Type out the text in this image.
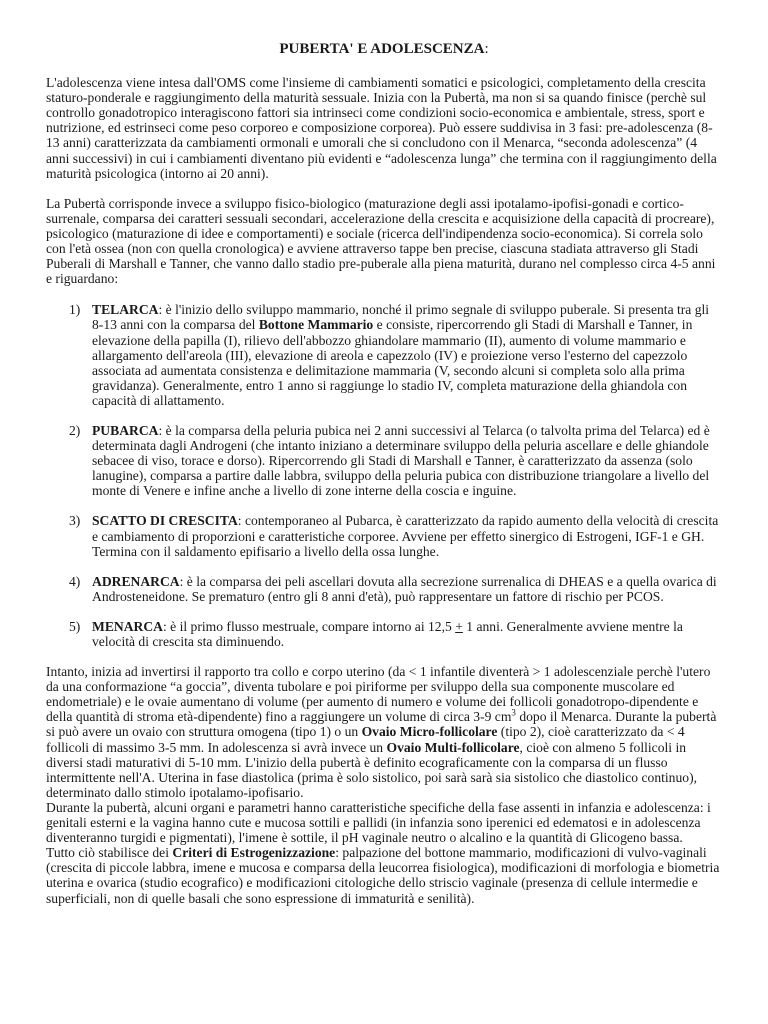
PUBERTA' E ADOLESCENZA:

L'adolescenza viene intesa dall'OMS come l'insieme di cambiamenti somatici e psicologici, completamento della crescita staturo-ponderale e raggiungimento della maturità sessuale. Inizia con la Pubertà, ma non si sa quando finisce (perchè sul controllo gonadotropico interagiscono fattori sia intrinseci come condizioni socio-economica e ambientale, stress, sport e nutrizione, ed estrinseci come peso corporeo e composizione corporea). Può essere suddivisa in 3 fasi: pre-adolescenza (8-13 anni) caratterizzata da cambiamenti ormonali e umorali che si concludono con il Menarca, “seconda adolescenza” (4 anni successivi) in cui i cambiamenti diventano più evidenti e “adolescenza lunga” che termina con il raggiungimento della maturità psicologica (intorno ai 20 anni).

La Pubertà corrisponde invece a sviluppo fisico-biologico (maturazione degli assi ipotalamo-ipofisi-gonadi e cortico-surrenale, comparsa dei caratteri sessuali secondari, accelerazione della crescita e acquisizione della capacità di procreare), psicologico (maturazione di idee e comportamenti) e sociale (ricerca dell'indipendenza socio-economica). Si correla solo con l'età ossea (non con quella cronologica) e avviene attraverso tappe ben precise, ciascuna stadiata attraverso gli Stadi Puberali di Marshall e Tanner, che vanno dallo stadio pre-puberale alla piena maturità, durano nel complesso circa 4-5 anni e riguardano:

1) TELARCA: è l'inizio dello sviluppo mammario, nonché il primo segnale di sviluppo puberale. Si presenta tra gli 8-13 anni con la comparsa del Bottone Mammario e consiste, ripercorrendo gli Stadi di Marshall e Tanner, in elevazione della papilla (I), rilievo dell'abbozzo ghiandolare mammario (II), aumento di volume mammario e allargamento dell'areola (III), elevazione di areola e capezzolo (IV) e proiezione verso l'esterno del capezzolo associata ad aumentata consistenza e delimitazione mammaria (V, secondo alcuni si completa solo alla prima gravidanza). Generalmente, entro 1 anno si raggiunge lo stadio IV, completa maturazione della ghiandola con capacità di allattamento.
2) PUBARCA: è la comparsa della peluria pubica nei 2 anni successivi al Telarca (o talvolta prima del Telarca) ed è determinata dagli Androgeni (che intanto iniziano a determinare sviluppo della peluria ascellare e delle ghiandole sebacee di viso, torace e dorso). Ripercorrendo gli Stadi di Marshall e Tanner, è caratterizzato da assenza (solo lanugine), comparsa a partire dalle labbra, sviluppo della peluria pubica con distribuzione triangolare a livello del monte di Venere e infine anche a livello di zone interne della coscia e inguine.
3) SCATTO DI CRESCITA: contemporaneo al Pubarca, è caratterizzato da rapido aumento della velocità di crescita e cambiamento di proporzioni e caratteristiche corporee. Avviene per effetto sinergico di Estrogeni, IGF-1 e GH. Termina con il saldamento epifisario a livello della ossa lunghe.
4) ADRENARCA: è la comparsa dei peli ascellari dovuta alla secrezione surrenalica di DHEAS e a quella ovarica di Androsteneidone. Se prematuro (entro gli 8 anni d'età), può rappresentare un fattore di rischio per PCOS.
5) MENARCA: è il primo flusso mestruale, compare intorno ai 12,5 + 1 anni. Generalmente avviene mentre la velocità di crescita sta diminuendo.

Intanto, inizia ad invertirsi il rapporto tra collo e corpo uterino (da < 1 infantile diventerà > 1 adolescenziale perchè l'utero da una conformazione “a goccia”, diventa tubolare e poi piriforme per sviluppo della sua componente muscolare ed endometriale) e le ovaie aumentano di volume (per aumento di numero e volume dei follicoli gonadotropo-dipendente e della quantità di stroma età-dipendente) fino a raggiungere un volume di circa 3-9 $cm^3$ dopo il Menarca. Durante la pubertà si può avere un ovaio con struttura omogena (tipo 1) o un Ovaio Micro-follicolare (tipo 2), cioè caratterizzato da < 4 follicoli di massimo 3-5 mm. In adolescenza si avrà invece un Ovaio Multi-follicolare, cioè con almeno 5 follicoli in diversi stadi maturativi di 5-10 mm. L'inizio della pubertà è definito ecograficamente con la comparsa di un flusso intermittente nell'A. Uterina in fase diastolica (prima è solo sistolico, poi sarà sarà sia sistolico che diastolico continuo), determinato dallo stimolo ipotalamo-ipofisario.

Durante la pubertà, alcuni organi e parametri hanno caratteristiche specifiche della fase assenti in infanzia e adolescenza: i genitali esterni e la vagina hanno cute e mucosa sottili e pallidi (in infanzia sono iperenici ed edematosi e in adolescenza diventeranno turgidi e pigmentati), l'imene è sottile, il pH vaginale neutro o alcalino e la quantità di Glicogeno bassa.

Tutto ciò stabilisce dei Criteri di Estrogenizzazione: palpazione del bottone mammario, modificazioni di vulvo-vaginali (crescita di piccole labbra, imene e mucosa e comparsa della leucorrea fisiologica), modificazioni di morfologia e biometria uterina e ovarica (studio ecografico) e modificazioni citologiche dello striscio vaginale (presenza di cellule intermedie e superficiali, non di quelle basali che sono espressione di immaturità e senilità).
